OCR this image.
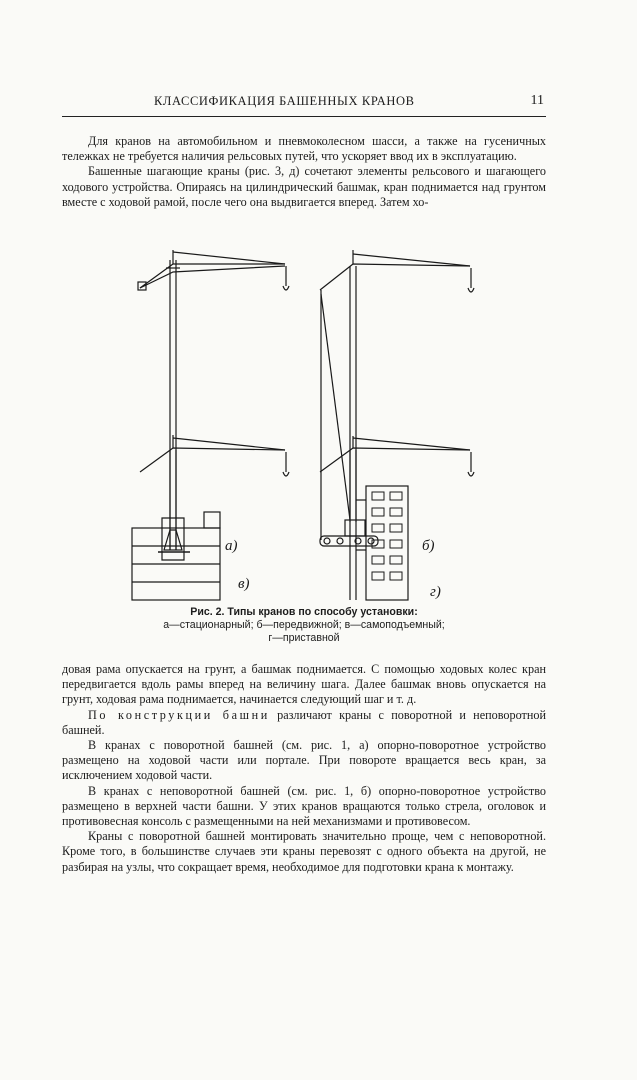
КЛАССИФИКАЦИЯ БАШЕННЫХ КРАНОВ	11

Для кранов на автомобильном и пневмоколесном шасси, а также на гусеничных тележках не требуется наличия рельсовых путей, что ускоряет ввод их в эксплуатацию.

Башенные шагающие краны (рис. 3, д) сочетают элементы рельсового и шагающего ходового устройства. Опираясь на цилиндрический башмак, кран поднимается над грунтом вместе с ходовой рамой, после чего она выдвигается вперед. Затем хо-

а)	б)
в)	г)
Рис. 2. Типы кранов по способу установки:
а—стационарный; б—передвижной; в—самоподъемный;
г—приставной

довая рама опускается на грунт, а башмак поднимается. С помощью ходовых колес кран передвигается вдоль рамы вперед на величину шага. Далее башмак вновь опускается на грунт, ходовая рама поднимается, начинается следующий шаг и т. д.

По конструкции башни различают краны с поворотной и неповоротной башней.

В кранах с поворотной башней (см. рис. 1, а) опорно-поворотное устройство размещено на ходовой части или портале. При повороте вращается весь кран, за исключением ходовой части.

В кранах с неповоротной башней (см. рис. 1, б) опорно-поворотное устройство размещено в верхней части башни. У этих кранов вращаются только стрела, оголовок и противовесная консоль с размещенными на ней механизмами и противовесом.

Краны с поворотной башней монтировать значительно проще, чем с неповоротной. Кроме того, в большинстве случаев эти краны перевозят с одного объекта на другой, не разбирая на узлы, что сокращает время, необходимое для подготовки крана к монтажу.
